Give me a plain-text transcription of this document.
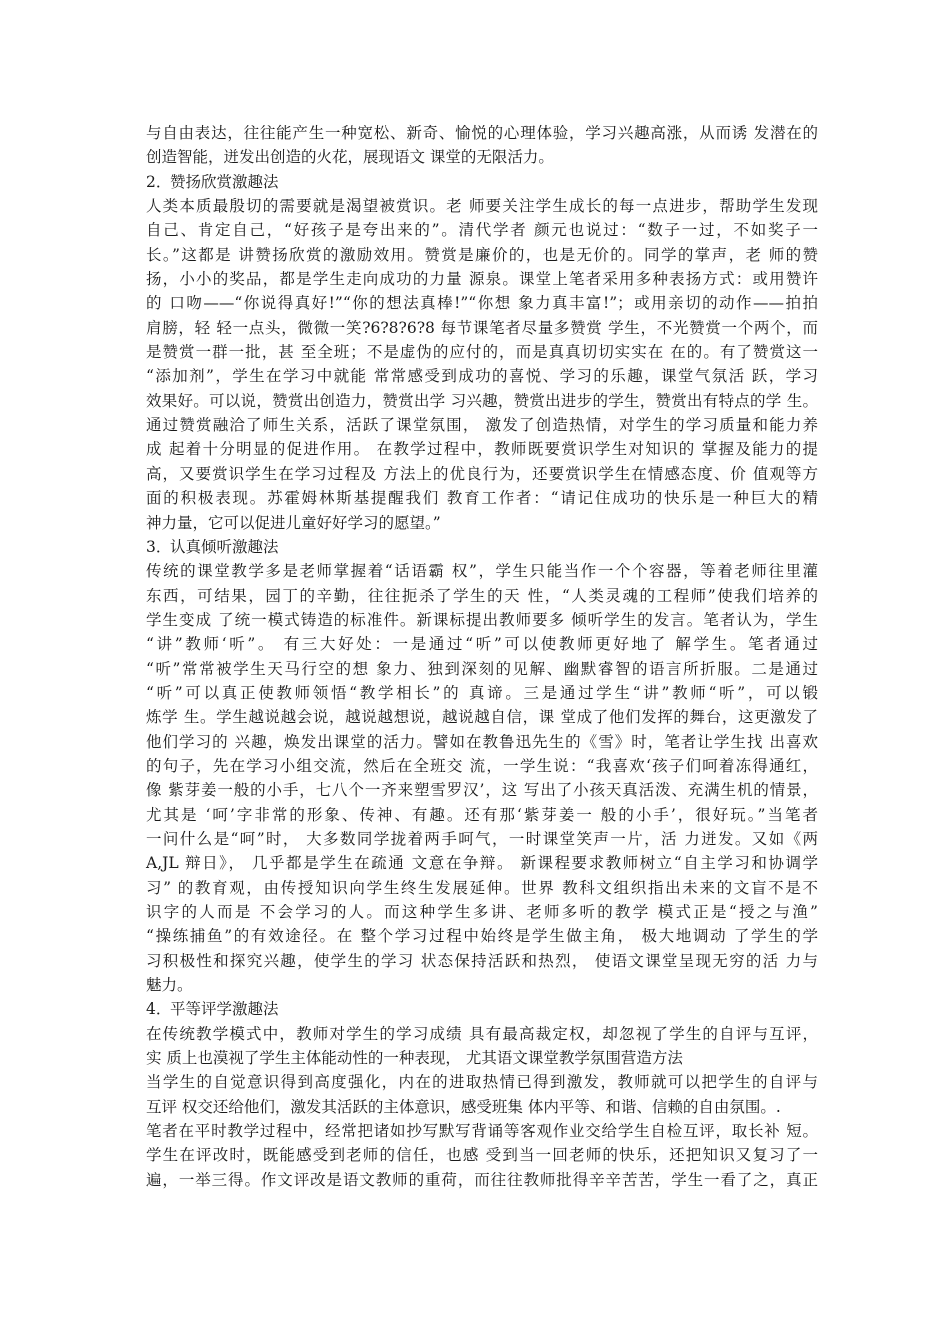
与自由表达，往往能产生一种宽松、新奇、愉悦的心理体验，学习兴趣高涨，从而诱 发潜在的
创造智能，迸发出创造的火花，展现语文 课堂的无限活力。
2．赞扬欣赏激趣法
人类本质最殷切的需要就是渴望被赏识。老 师要关注学生成长的每一点进步，帮助学生发现
自己、肯定自己，“好孩子是夸出来的”。清代学者 颜元也说过：“数子一过，不如奖子一
长。”这都是 讲赞扬欣赏的激励效用。赞赏是廉价的，也是无价的。同学的掌声，老 师的赞
扬，小小的奖品，都是学生走向成功的力量 源泉。课堂上笔者采用多种表扬方式：或用赞许
的 口吻——“你说得真好!”“你的想法真棒!”“你想 象力真丰富!”；或用亲切的动作——拍拍
肩膀，轻 轻一点头，微微一笑?6?8?6?8 每节课笔者尽量多赞赏 学生，不光赞赏一个两个，而
是赞赏一群一批，甚 至全班；不是虚伪的应付的，而是真真切切实实在 在的。有了赞赏这一
“添加剂”，学生在学习中就能 常常感受到成功的喜悦、学习的乐趣，课堂气氛活 跃，学习
效果好。可以说，赞赏出创造力，赞赏出学 习兴趣，赞赏出进步的学生，赞赏出有特点的学 生。
通过赞赏融洽了师生关系，活跃了课堂氛围， 激发了创造热情，对学生的学习质量和能力养
成 起着十分明显的促进作用。 在教学过程中，教师既要赏识学生对知识的 掌握及能力的提
高，又要赏识学生在学习过程及 方法上的优良行为，还要赏识学生在情感态度、价 值观等方
面的积极表现。苏霍姆林斯基提醒我们 教育工作者：“请记住成功的快乐是一种巨大的精
神力量，它可以促进儿童好好学习的愿望。”
3．认真倾听激趣法
传统的课堂教学多是老师掌握着“话语霸 权”，学生只能当作一个个容器，等着老师往里灌
东西，可结果，园丁的辛勤，往往扼杀了学生的天 性，“人类灵魂的工程师”使我们培养的
学生变成 了统一模式铸造的标准件。新课标提出教师要多 倾听学生的发言。笔者认为，学生
“讲”教师‘听”。 有三大好处：一是通过“听”可以使教师更好地了 解学生。笔者通过
“听”常常被学生天马行空的想 象力、独到深刻的见解、幽默睿智的语言所折服。二是通过
“听”可以真正使教师领悟“教学相长”的 真谛。三是通过学生“讲”教师“听”，可以锻
炼学 生。学生越说越会说，越说越想说，越说越自信，课 堂成了他们发挥的舞台，这更激发了
他们学习的 兴趣，焕发出课堂的活力。譬如在教鲁迅先生的《雪》时，笔者让学生找 出喜欢
的句子，先在学习小组交流，然后在全班交 流，一学生说：“我喜欢‘孩子们呵着冻得通红，
像 紫芽姜一般的小手，七八个一齐来塑雪罗汉’，这 写出了小孩天真活泼、充满生机的情景，
尤其是 ‘呵’字非常的形象、传神、有趣。还有那‘紫芽姜一 般的小手’，很好玩。”当笔者
一问什么是“呵”时， 大多数同学拢着两手呵气，一时课堂笑声一片，活 力迸发。又如《两
A,JL 辩日》， 几乎都是学生在疏通 文意在争辩。 新课程要求教师树立“自主学习和协调学
习” 的教育观，由传授知识向学生终生发展延伸。世界 教科文组织指出未来的文盲不是不
识字的人而是 不会学习的人。而这种学生多讲、老师多听的教学 模式正是“授之与渔”
“操练捕鱼”的有效途径。在 整个学习过程中始终是学生做主角， 极大地调动 了学生的学
习积极性和探究兴趣，使学生的学习 状态保持活跃和热烈， 使语文课堂呈现无穷的活 力与
魅力。
4．平等评学激趣法
在传统教学模式中，教师对学生的学习成绩 具有最高裁定权，却忽视了学生的自评与互评，
实 质上也漠视了学生主体能动性的一种表现， 尤其语文课堂教学氛围营造方法
当学生的自觉意识得到高度强化，内在的进取热情已得到激发，教师就可以把学生的自评与
互评 权交还给他们，激发其活跃的主体意识，感受班集 体内平等、和谐、信赖的自由氛围。.
笔者在平时教学过程中，经常把诸如抄写默写背诵等客观作业交给学生自检互评，取长补 短。
学生在评改时，既能感受到老师的信任，也感 受到当一回老师的快乐，还把知识又复习了一
遍，一举三得。作文评改是语文教师的重荷，而往往教师批得辛辛苦苦，学生一看了之，真正
